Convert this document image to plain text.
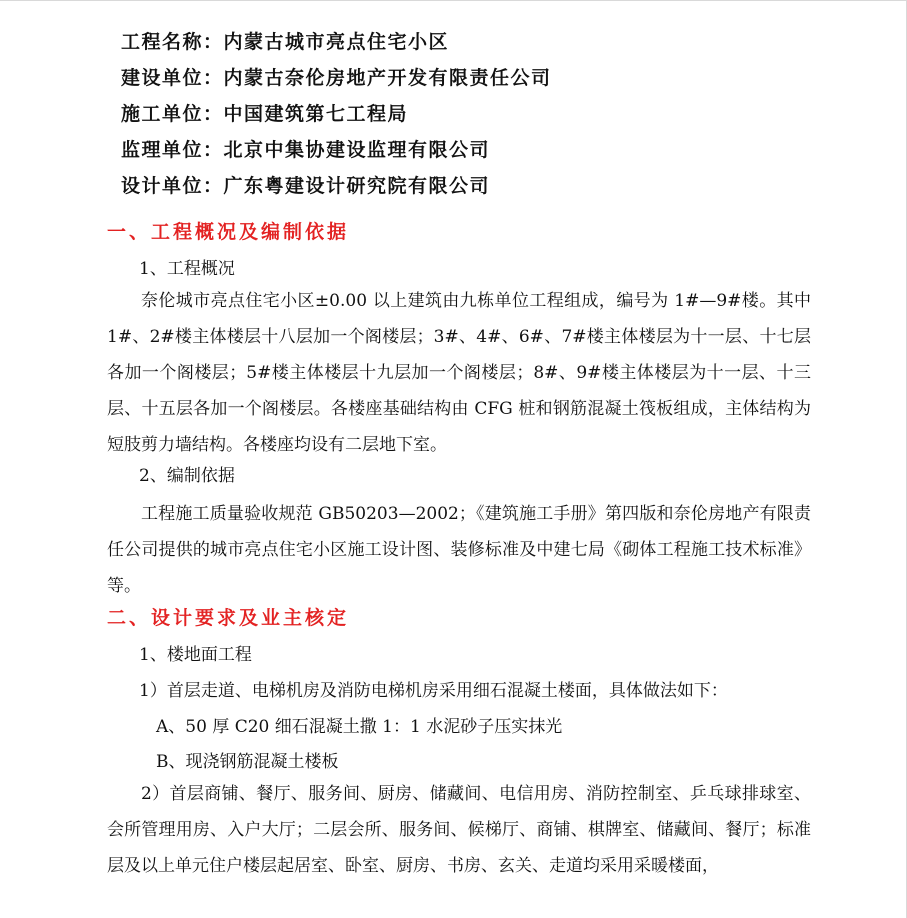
工程名称：内蒙古城市亮点住宅小区
建设单位：内蒙古奈伦房地产开发有限责任公司
施工单位：中国建筑第七工程局
监理单位：北京中集协建设监理有限公司
设计单位：广东粤建设计研究院有限公司
一、工程概况及编制依据
1、工程概况
奈伦城市亮点住宅小区±0.00 以上建筑由九栋单位工程组成，编号为 1#—9#楼。其中 1#、2#楼主体楼层十八层加一个阁楼层；3#、4#、6#、7#楼主体楼层为十一层、十七层各加一个阁楼层；5#楼主体楼层十九层加一个阁楼层；8#、9#楼主体楼层为十一层、十三层、十五层各加一个阁楼层。各楼座基础结构由 CFG 桩和钢筋混凝土筏板组成，主体结构为短肢剪力墙结构。各楼座均设有二层地下室。
2、编制依据
工程施工质量验收规范 GB50203—2002；《建筑施工手册》第四版和奈伦房地产有限责任公司提供的城市亮点住宅小区施工设计图、装修标准及中建七局《砌体工程施工技术标准》等。
二、设计要求及业主核定
1、楼地面工程
1）首层走道、电梯机房及消防电梯机房采用细石混凝土楼面，具体做法如下：
A、50 厚 C20 细石混凝土撒 1：1 水泥砂子压实抹光
B、现浇钢筋混凝土楼板
2）首层商铺、餐厅、服务间、厨房、储藏间、电信用房、消防控制室、乒乓球排球室、会所管理用房、入户大厅；二层会所、服务间、候梯厅、商铺、棋牌室、储藏间、餐厅；标准层及以上单元住户楼层起居室、卧室、厨房、书房、玄关、走道均采用采暖楼面，
